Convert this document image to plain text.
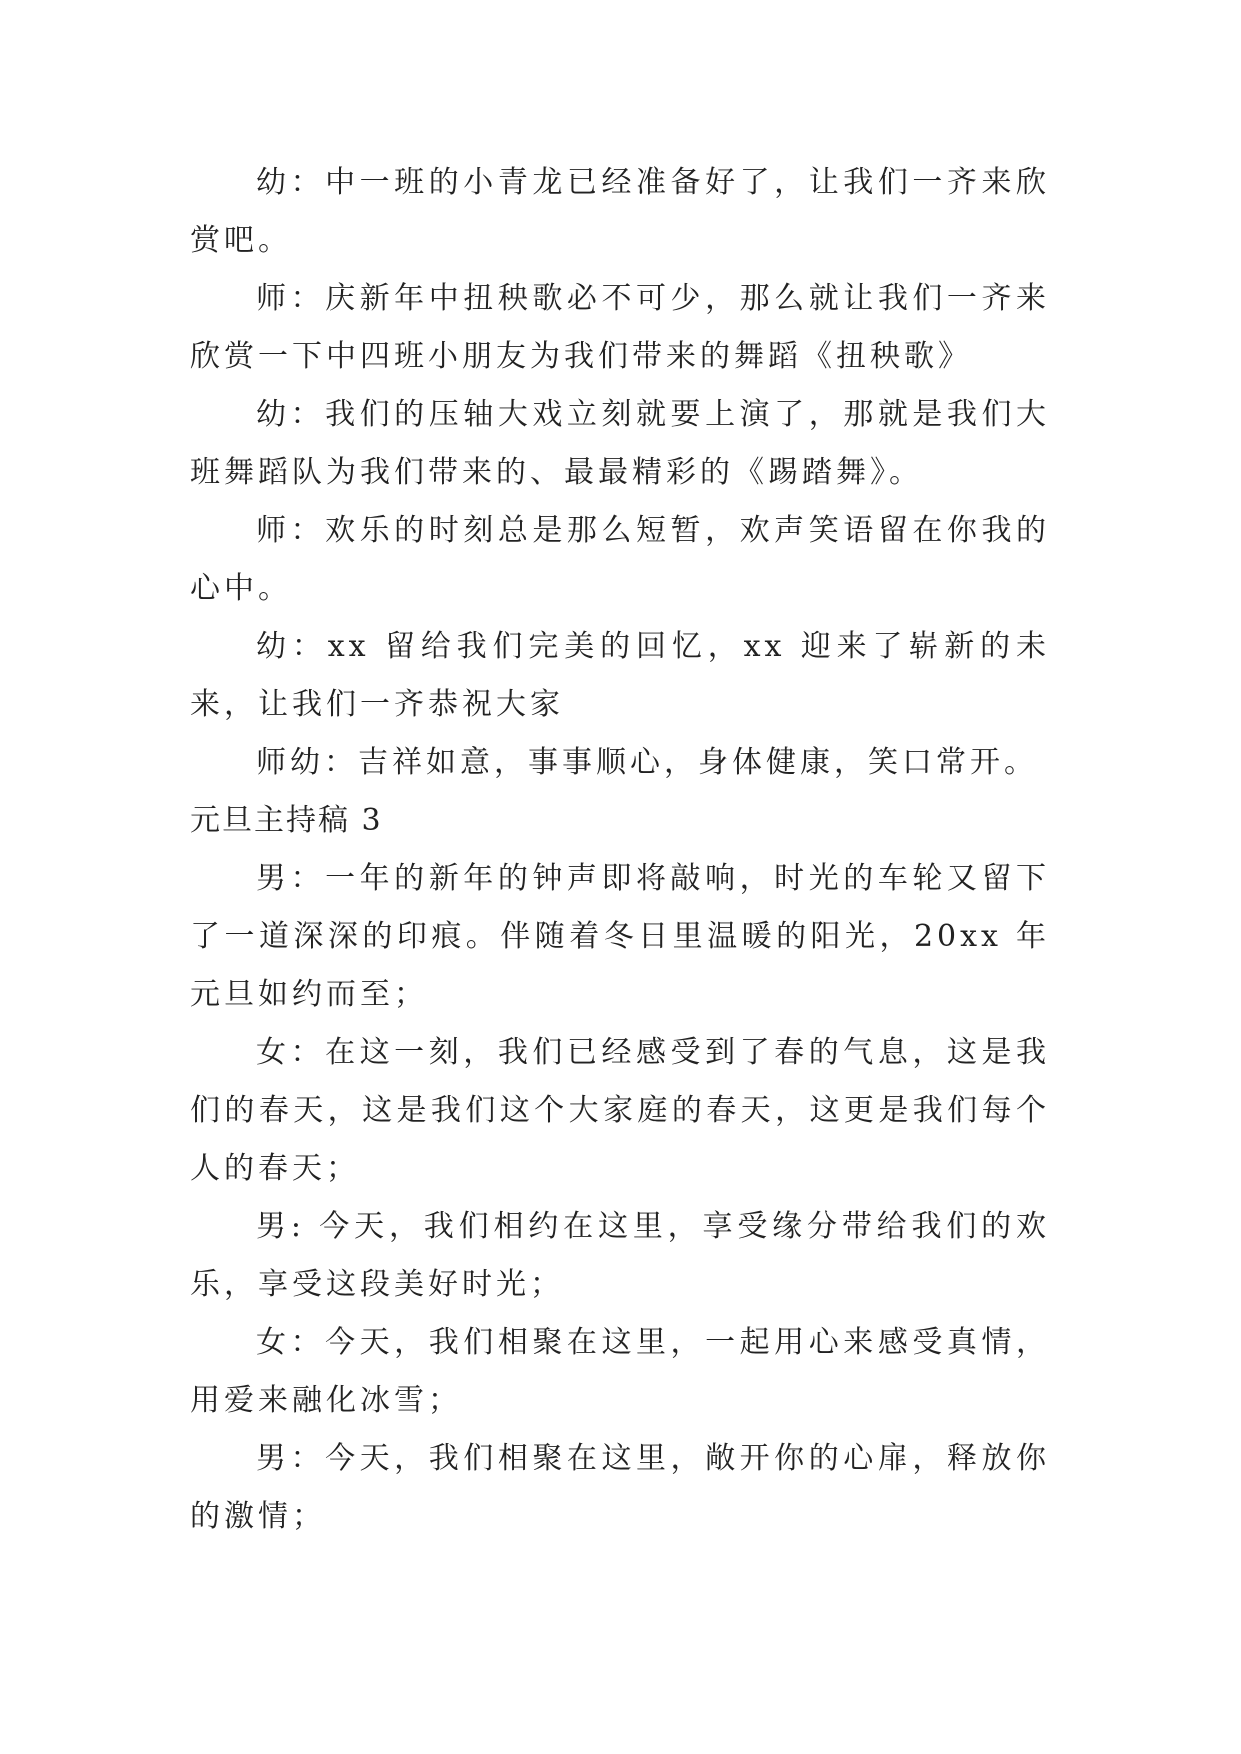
幼：中一班的小青龙已经准备好了，让我们一齐来欣赏吧。

师：庆新年中扭秧歌必不可少，那么就让我们一齐来欣赏一下中四班小朋友为我们带来的舞蹈《扭秧歌》

幼：我们的压轴大戏立刻就要上演了，那就是我们大班舞蹈队为我们带来的、最最精彩的《踢踏舞》。

师：欢乐的时刻总是那么短暂，欢声笑语留在你我的心中。

幼：xx 留给我们完美的回忆，xx 迎来了崭新的未来，让我们一齐恭祝大家

师幼：吉祥如意，事事顺心，身体健康，笑口常开。

元旦主持稿 3

男：一年的新年的钟声即将敲响，时光的车轮又留下了一道深深的印痕。伴随着冬日里温暖的阳光，20xx 年元旦如约而至；

女：在这一刻，我们已经感受到了春的气息，这是我们的春天，这是我们这个大家庭的春天，这更是我们每个人的春天；

男: 今天，我们相约在这里，享受缘分带给我们的欢乐，享受这段美好时光；

女：今天，我们相聚在这里，一起用心来感受真情，用爱来融化冰雪；

男：今天，我们相聚在这里，敞开你的心扉，释放你的激情；
